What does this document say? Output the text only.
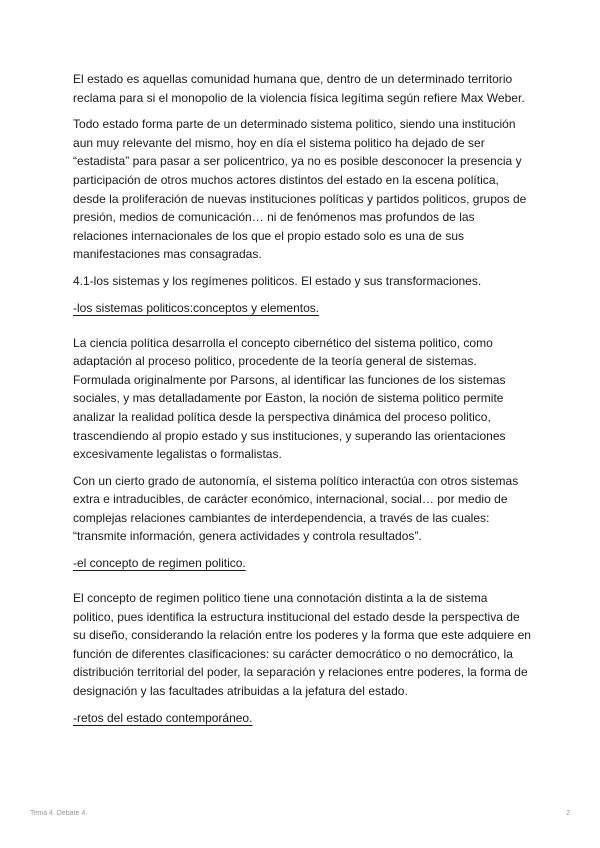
El estado es aquellas comunidad humana que, dentro de un determinado territorio reclama para si el monopolio de la violencia física legítima según refiere Max Weber.

Todo estado forma parte de un determinado sistema politico, siendo una institución aun muy relevante del mismo, hoy en día el sistema politico ha dejado de ser “estadista” para pasar a ser policentrico, ya no es posible desconocer la presencia y participación de otros muchos actores distintos del estado en la escena política, desde la proliferación de nuevas instituciones políticas y partidos politicos, grupos de presión, medios de comunicación… ni de fenómenos mas profundos de las relaciones internacionales de los que el propio estado solo es una de sus manifestaciones mas consagradas.

4.1-los sistemas y los regímenes politicos. El estado y sus transformaciones.

-los sistemas politicos:conceptos y elementos.

La ciencia política desarrolla el concepto cibernético del sistema politico, como adaptación al proceso politico, procedente de la teoría general de sistemas. Formulada originalmente por Parsons, al identificar las funciones de los sistemas sociales, y mas detalladamente por Easton, la noción de sistema politico permite analizar la realidad política desde la perspectiva dinámica del proceso politico, trascendiendo al propio estado y sus instituciones, y superando las orientaciones excesivamente legalistas o formalistas.

Con un cierto grado de autonomía, el sistema político interactúa con otros sistemas extra e intraducibles, de carácter económico, internacional, social… por medio de complejas relaciones cambiantes de interdependencia, a través de las cuales: “transmite información, genera actividades y controla resultados”.

-el concepto de regimen politico.

El concepto de regimen politico tiene una connotación distinta a la de sistema politico, pues identifica la estructura institucional del estado desde la perspectiva de su diseño, considerando la relación entre los poderes y la forma que este adquiere en función de diferentes clasificaciones: su carácter democrático o no democrático, la distribución territorial del poder, la separación y relaciones entre poderes, la forma de designación y las facultades atribuidas a la jefatura del estado.

-retos del estado contemporáneo.
Tema 4. Debate 4.	2
